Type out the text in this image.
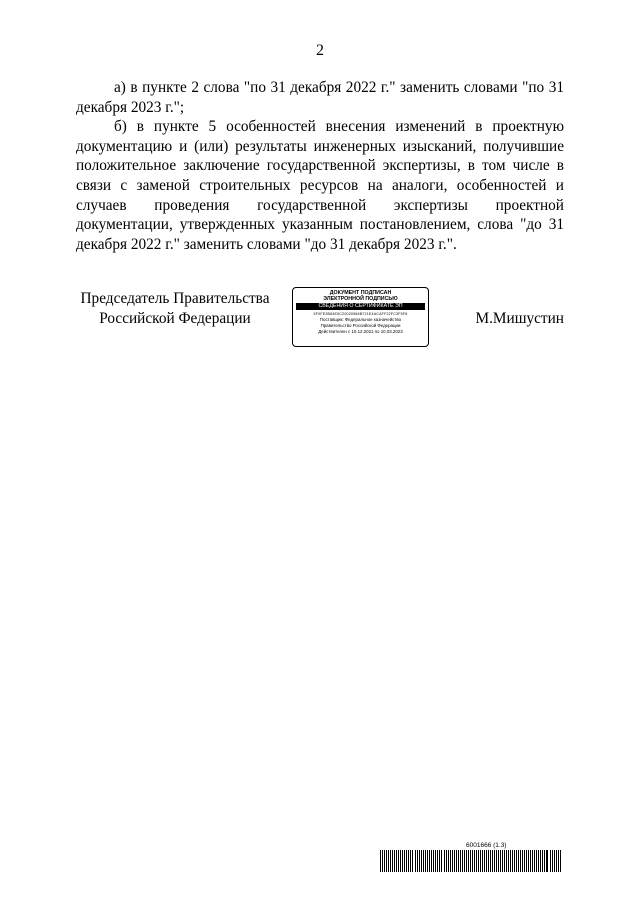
2

а) в пункте 2 слова "по 31 декабря 2022 г." заменить словами "по 31 декабря 2023 г.";

б) в пункте 5 особенностей внесения изменений в проектную документацию и (или) результаты инженерных изысканий, получившие положительное заключение государственной экспертизы, в том числе в связи с заменой строительных ресурсов на аналоги, особенностей и случаев проведения государственной экспертизы проектной документации, утвержденных указанным постановлением, слова "до 31 декабря 2022 г." заменить словами "до 31 декабря 2023 г.".

Председатель Правительства
Российской Федерации
ДОКУМЕНТ ПОДПИСАН
ЭЛЕКТРОННОЙ ПОДПИСЬЮ
СВЕДЕНИЯ О СЕРТИФИКАТЕ ЭП
5F0FE3B84E5C20020568B721E4ACAFF22FC3F5F8
Поставщик: Федеральное казначейство
Правительство Российской Федерации
Действителен с 10.12.2021 по 10.03.2023
М.Мишустин
6001666 (1.3)
